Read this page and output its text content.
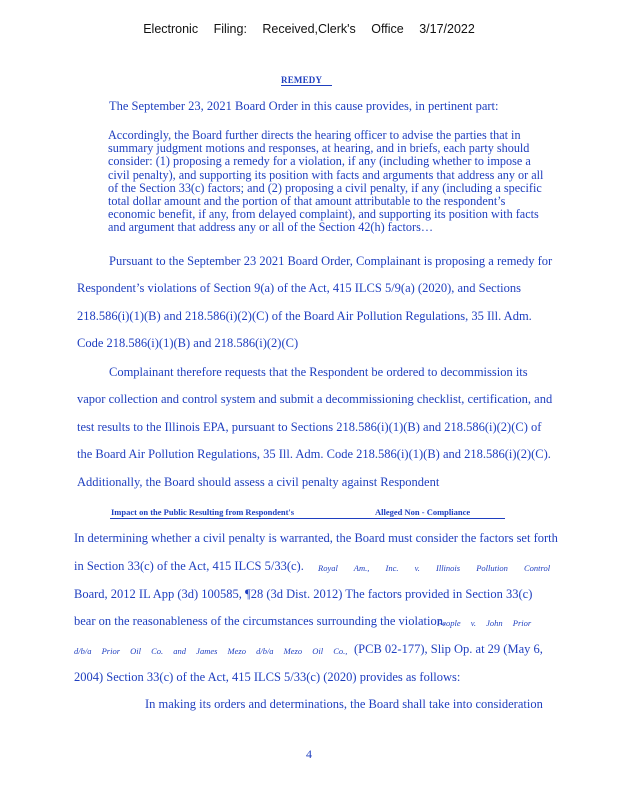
Electronic Filing: Received,Clerk's Office 3/17/2022
REMEDY
The September 23, 2021 Board Order in this cause provides, in pertinent part:
Accordingly, the Board further directs the hearing officer to advise the parties that in
summary judgment motions and responses, at hearing, and in briefs, each party should
consider: (1) proposing a remedy for a violation, if any (including whether to impose a
civil penalty), and supporting its position with facts and arguments that address any or all
of the Section 33(c) factors; and (2) proposing a civil penalty, if any (including a specific
total dollar amount and the portion of that amount attributable to the respondent’s
economic benefit, if any, from delayed complaint), and supporting its position with facts
and argument that address any or all of the Section 42(h) factors…
Pursuant to the September 23 2021 Board Order, Complainant is proposing a remedy for
Respondent’s violations of Section 9(a) of the Act, 415 ILCS 5/9(a) (2020), and Sections
218.586(i)(1)(B) and 218.586(i)(2)(C) of the Board Air Pollution Regulations, 35 Ill. Adm.
Code 218.586(i)(1)(B) and 218.586(i)(2)(C)
Complainant therefore requests that the Respondent be ordered to decommission its
vapor collection and control system and submit a decommissioning checklist, certification, and
test results to the Illinois EPA, pursuant to Sections 218.586(i)(1)(B) and 218.586(i)(2)(C) of
the Board Air Pollution Regulations, 35 Ill. Adm. Code 218.586(i)(1)(B) and 218.586(i)(2)(C).
Additionally, the Board should assess a civil penalty against Respondent
Impact on the Public Resulting from Respondent's	Alleged Non - Compliance
In determining whether a civil penalty is warranted, the Board must consider the factors set forth
in Section 33(c) of the Act, 415 ILCS 5/33(c). Royal Am., Inc. v. Illinois Pollution Control
Board, 2012 IL App (3d) 100585, ¶28 (3d Dist. 2012) The factors provided in Section 33(c)
bear on the reasonableness of the circumstances surrounding the violation.
People v. John Prior
d/b/a Prior Oil Co. and James Mezo d/b/a Mezo Oil Co., (PCB 02-177), Slip Op. at 29 (May 6,
2004) Section 33(c) of the Act, 415 ILCS 5/33(c) (2020) provides as follows:
In making its orders and determinations, the Board shall take into consideration
4
